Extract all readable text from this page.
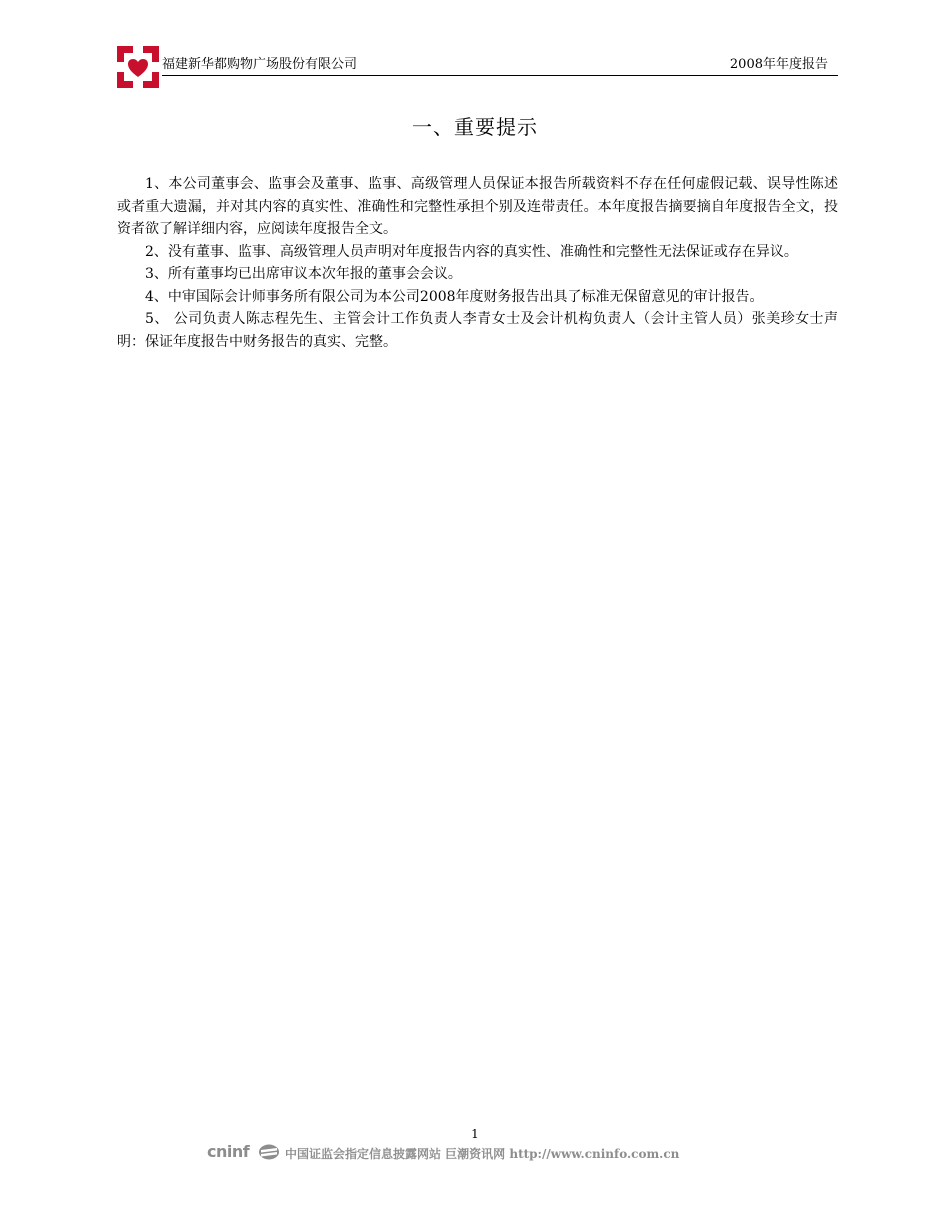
福建新华都购物广场股份有限公司	2008年年度报告
一、重要提示

1、本公司董事会、监事会及董事、监事、高级管理人员保证本报告所载资料不存在任何虚假记载、误导性陈述或者重大遗漏，并对其内容的真实性、准确性和完整性承担个别及连带责任。本年度报告摘要摘自年度报告全文，投资者欲了解详细内容，应阅读年度报告全文。

2、没有董事、监事、高级管理人员声明对年度报告内容的真实性、准确性和完整性无法保证或存在异议。

3、所有董事均已出席审议本次年报的董事会会议。

4、中审国际会计师事务所有限公司为本公司2008年度财务报告出具了标准无保留意见的审计报告。

5、 公司负责人陈志程先生、主管会计工作负责人李青女士及会计机构负责人（会计主管人员）张美珍女士声明：保证年度报告中财务报告的真实、完整。

1
cninf	中国证监会指定信息披露网站 巨潮资讯网 http://www.cninfo.com.cn
